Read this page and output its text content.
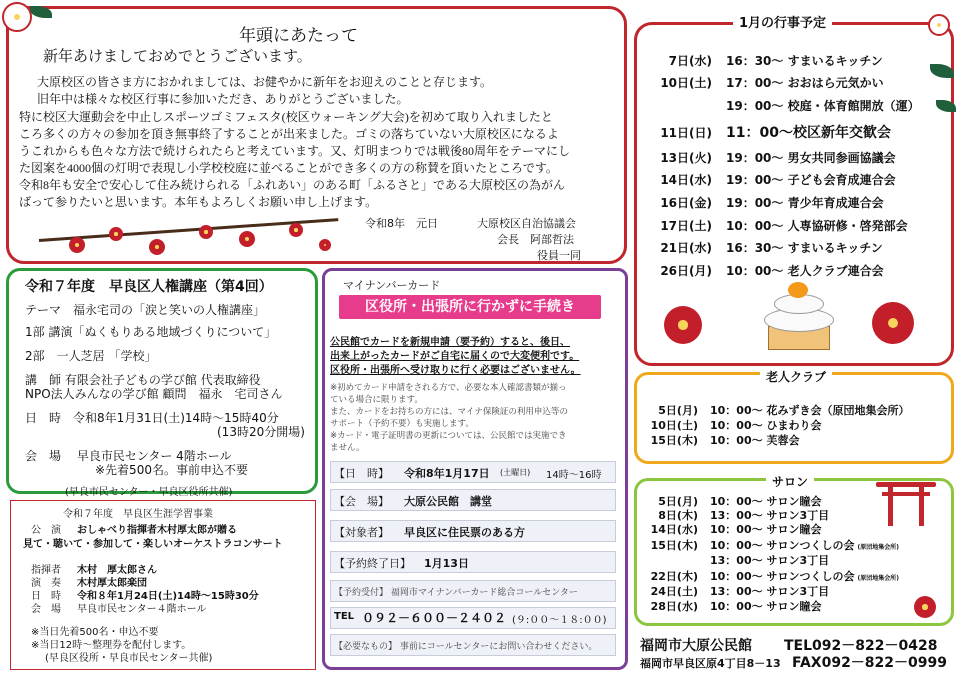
年頭にあたって
新年あけましておめでとうございます。
大原校区の皆さま方におかれましては、お健やかに新年をお迎えのことと存じます。
旧年中は様々な校区行事に参加いただき、ありがとうございました。
特に校区大運動会を中止しスポーツゴミフェスタ(校区ウォーキング大会)を初めて取り入れましたと
ころ多くの方々の参加を頂き無事終了することが出来ました。ゴミの落ちていない大原校区になるよ
うこれからも色々な方法で続けられたらと考えています。又、灯明まつりでは戦後80周年をテーマにし
た図案を4000個の灯明で表現し小学校校庭に並べることができ多くの方の称賛を頂いたところです。
令和8年も安全で安心して住み続けられる「ふれあい」のある町「ふるさと」である大原校区の為がん
ばって参りたいと思います。本年もよろしくお願い申し上げます。
令和8年　元日	大原校区自治協議会
会長　阿部哲法
役員一同
令和７年度　早良区人権講座（第4回）
テーマ　福永宅司の「涙と笑いの人権講座」
1部 講演「ぬくもりある地域づくりについて」
2部　一人芝居 「学校」
講　師 有限会社子どもの学び館 代表取締役
NPO法人みんなの学び館 顧問　福永　宅司さん
日　時　令和8年1月31日(土)14時～15時40分
(13時20分開場)
会　場　 早良市民センター 4階ホール
※先着500名。事前申込不要
(早良市民センター・早良区役所共催)
令和７年度　早良区生涯学習事業
公　演 おしゃべり指揮者木村厚太郎が贈る
見て・聴いて・参加して・楽しいオーケストラコンサート
指揮者 木村　厚太郎さん
演　奏 木村厚太郎楽団
日　時 令和８年1月24日(土)14時～15時30分
会　場 早良市民センター４階ホール
※当日先着500名・申込不要
※当日12時～整理券を配付します。
(早良区役所・早良市民センター共催)
マイナンバーカード
区役所・出張所に行かずに手続き
公民館でカードを新規申請（要予約）すると、後日、
出来上がったカードがご自宅に届くので大変便利です。
区役所・出張所へ受け取りに行く必要はございません。
※初めてカード申請をされる方で、必要な本人確認書類が揃っ
ている場合に限ります。
また、カードをお持ちの方には、マイナ保険証の利用申込等の
サポート（予約不要）も実施します。
※カード・電子証明書の更新については、公民館では実施でき
ません。
【日　時】 令和8年1月17日 (土曜日) 14時～16時
【会　場】 大原公民館　講堂
【対象者】 早良区に住民票のある方
【予約終了日】 1月13日
【予約受付】 福岡市マイナンバーカード総合コールセンター
TEL ０９２－６００－２４０２ (９:００～１８:００)
【必要なもの】 事前にコールセンターにお問い合わせください。
1月の行事予定
7日(水) 16：30～ すまいるキッチン
10日(土) 17：00～ おおはら元気かい
19：00～ 校庭・体育館開放（運）
11日(日) 11：00～校区新年交歓会
13日(火) 19：00～ 男女共同参画協議会
14日(水) 19：00～ 子ども会育成連合会
16日(金) 19：00～ 青少年育成連合会
17日(土) 10：00～ 人専協研修・啓発部会
21日(水) 16：30～ すまいるキッチン
26日(月) 10：00～ 老人クラブ連合会
老人クラブ
5日(月) 10：00～ 花みずき会（原団地集会所）
10日(土) 10：00～ ひまわり会
15日(木) 10：00～ 芙蓉会
サロン
5日(月) 10：00～ サロン瞳会
8日(木) 13：00～ サロン3丁目
14日(水) 10：00～ サロン瞳会
15日(木) 10：00～ サロンつくしの会 (原団地集会所)
13：00～ サロン3丁目
22日(木) 10：00～ サロンつくしの会 (原団地集会所)
24日(土) 13：00～ サロン3丁目
28日(水) 10：00～ サロン瞳会
福岡市大原公民館 TEL092－822－0428
福岡市早良区原4丁目8－13 FAX092－822－0999
